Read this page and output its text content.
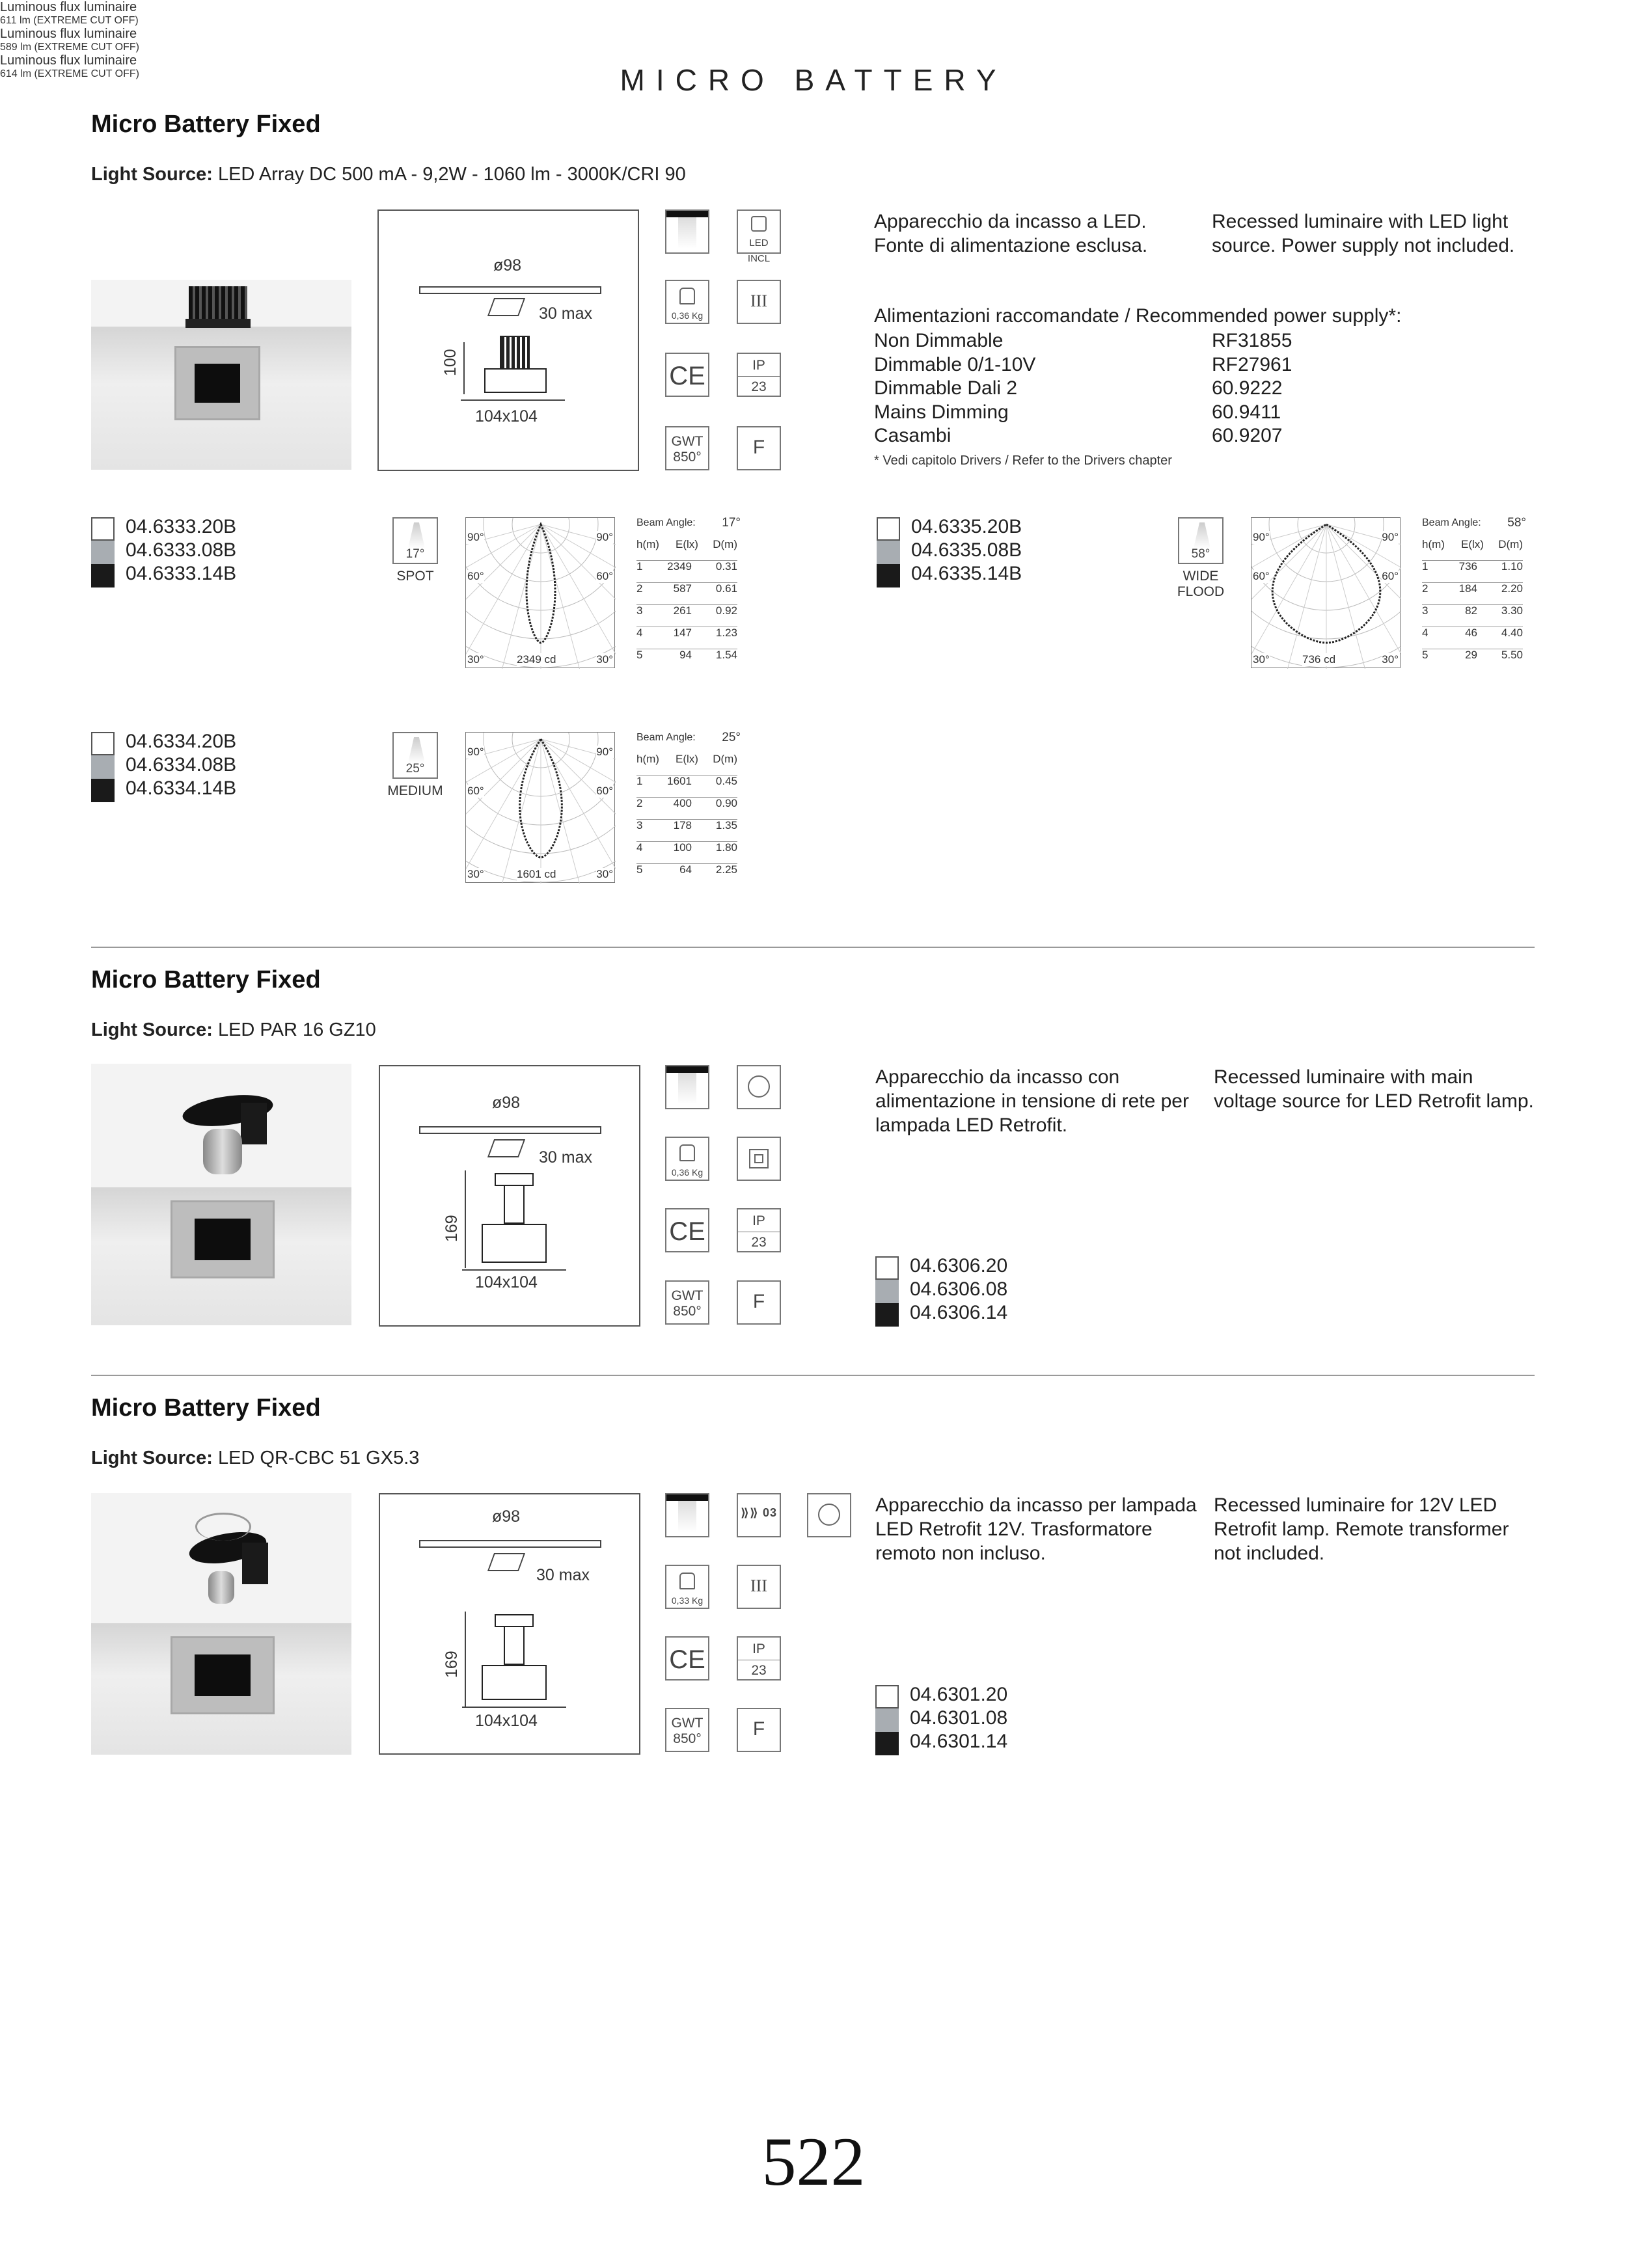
MICRO BATTERY
Micro Battery Fixed
Light Source: LED Array DC 500 mA - 9,2W - 1060 lm - 3000K/CRI 90
ø98
30 max
104x104
100
LED INCL
0,36 Kg
III
CE	IP
23
GWT
850°	F
Apparecchio da incasso a LED. Fonte di alimentazione esclusa.
Recessed luminaire with LED light source. Power supply not included.
Alimentazioni raccomandate / Recommended power supply*:
Non Dimmable	RF31855
Dimmable 0/1-10V	RF27961
Dimmable Dali 2	60.9222
Mains Dimming	60.9411
Casambi	60.9207
* Vedi capitolo Drivers / Refer to the Drivers chapter
04.6333.20B
04.6333.08B
04.6333.14B
17°
SPOT
90°	90°
60°	60°
30°	30°
2349 cd
Luminous flux luminaire
611 lm (EXTREME CUT OFF)
Beam Angle: 17°
h(m) E(lx) D(m)
1 2349 0.31
2	587 0.61
3	261 0.92
4	147 1.23
5	94 1.54
04.6335.20B
04.6335.08B
04.6335.14B
58°
WIDE FLOOD
90°	90°
60°	60°
30°	30°
736 cd
Luminous flux luminaire
589 lm (EXTREME CUT OFF)
Beam Angle: 58°
h(m) E(lx) D(m)
1	736 1.10
2	184 2.20
3	82 3.30
4	46 4.40
5	29 5.50
04.6334.20B
04.6334.08B
04.6334.14B
25°
MEDIUM
90°	90°
60°	60°
30°	30°
1601 cd
Luminous flux luminaire
614 lm (EXTREME CUT OFF)
Beam Angle: 25°
h(m) E(lx) D(m)
1 1601 0.45
2	400 0.90
3	178 1.35
4	100 1.80
5	64 2.25
Micro Battery Fixed
Light Source: LED PAR 16 GZ10
ø98
30 max
104x104
169
0,36 Kg
CE	IP
23
GWT
850°	F
Apparecchio da incasso con alimentazione in tensione di rete per lampada LED Retrofit.
Recessed luminaire with main voltage source for LED Retrofit lamp.
04.6306.20
04.6306.08
04.6306.14
Micro Battery Fixed
Light Source: LED QR-CBC 51 GX5.3
ø98
30 max
104x104
169
⟫⟫ 03
0,33 Kg
III
CE	IP
23
GWT
850°	F
Apparecchio da incasso per lampada LED Retrofit 12V. Trasformatore remoto non incluso.
Recessed luminaire for 12V LED Retrofit lamp. Remote transformer not included.
04.6301.20
04.6301.08
04.6301.14
522
